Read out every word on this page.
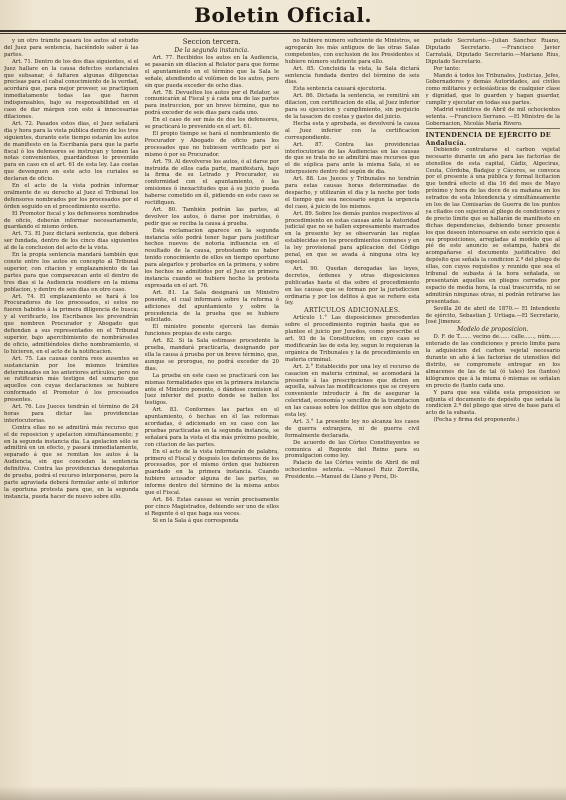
Boletin Oficial.

y un otro trámite pasará los autos al estudio del Juez para sentencia, haciéndolo saber á las partes.

Art. 71. Dentro de los dos dias siguientes, si el Juez hallare en la causa defectos sustanciales que subsanar, ó faltaren algunas diligencias precisas para el cabal conocimiento de la verdad, acordará que, para mejor proveer, se practiquen inmediatamente todas las que fueren indispensables, bajo su responsabilidad en el caso de dar márgen con esto á innecesarias dilaciones.

Art. 72. Pasados estos dias, el Juez señalará dia y hora para la vista pública dentro de los tres siguientes, durante este tiempo estarán los autos de manifiesto en la Escribanía para que la parte fiscal ó los defensores se instruyan y tomen las notas convenientes, guardándose lo prevenido para en caso en el art. 61 de esta ley. Las costas que devenguen en este acto los curiales se declaran de oficio.

En el acto de la vista podrán informar oralmente de su derecho al Juez el Tribunal los defensores nombrados por los procesados por el órden seguido en el procedimiento escrito.

El Promotor fiscal y los defensores nombrados de oficio, deberán informar necesariamente, guardando el mismo órden.

Art. 73. El Juez dictará sentencia, que deberá ser fundada, dentro de los cinco dias siguientes al de la conclusion del acto de la vista.

En la propia sentencia mandará también que conste entre los autos en concepto al Tribunal superior, con citacion y emplazamiento de las partes para que comparezcan ante el dentro de tres dias si la Audiencia residiere en la misma poblacion, y dentro de seis dias en otro caso.

Art. 74. El emplazamiento se hará á los Procuradores de los procesados, si estos no fueren habidos á la primera diligencia de busca; y al verificarlo, los Escribanos les prevendrán que nombren Procurador y Abogado que defiendan a sus representados en el Tribunal superior, bajo apercibimiento de nombrárseles de oficio, admitiéndoles dicho nombramiento, si lo hicieren, en el acto de la notificacion.

Art. 75. Las causas contra reos ausentes se sustanciarán por los mismos trámites determinados en los anteriores artículos; pero no se ratificarán más testigos del sumario que aquellos con cuyas declaraciones se hubiere conformado el Promotor ó los procesados presentes.

Art. 76. Los Jueces tendrán el término de 24 horas para dictar las providencias interlocutorias.

Contra ellas no se admitirá más recurso que el de reposicion y apelacion simultáneamente; y en la segunda instancia dia. La apelacion sólo se admitirá en un efecto, y pasará inmediatamente, separado á que se remitan los autos á la Audiencia, sin que concedan la sentencia definitiva. Contra las providencias denegatorias de prueba, podrá el recurso interponerse, pero la parte agraviada deberá formular ante el inferior la oportuna protesta para que, en la segunda instancia, pueda hacer de nuevo sobre ello.

Seccion tercera.

De la segunda instancia.

Art. 77. Recibidos los autos en la Audiencia, se pasarán sin dilacion al Relator para que forme el apuntamiento en el término que la Sala le señale, atendiendo al volúmen de los autos, pero sin que pueda exceder de ocho dias.

Art. 78. Devueltos los autos por el Relator, se comunicarán al Fiscal y á cada una de las partes para instruccion, por un breve término, que no podrá exceder de seis dias para cada uno.

En el caso de ser más de dos los defensores, se practicará lo prevenido en el art. 61.

El propio tiempo se hará el nombramiento de Procurador y Abogado de oficio para los procesados que no hubiesen verificado por sí mismo ó por su Procurador.

Art. 79. Al devolverse los autos, ó al darse por instruida de ellos cada parte, manifestará, bajo la firma de su Letrado y Procurador, su conformidad con el apuntamiento, ó las omisiones ó inexactitudes que á su juicio pueda haberse cometido en él, pidiendo en este caso se rectifiquen.

Art. 80. También podrán las partes, al devolver los autos, ó darse por instruidas, ó pedir que se reciba la causa á prueba.

Esta reclamacion aparece en la segunda instancia sólo podrá tener lugar para justificar hechos nuevos de notoria influencia en el resultado de la causa, protestando no haber tenido conocimiento de ellos en tiempo oportuno para alegarlos y probarlos en la primera, y sobre los hechos no admitidos por el Juez en primera instancia cuando se hubiere hecho la protesta expresada en el art. 76.

Art. 81. La Sala designará un Ministro ponente, el cual informará sobre la reforma ó adiciones del apuntamiento y sobre la procedencia de la prueba que se hubiere solicitado.

El ministro ponente ejercerá las demás funciones propias de este cargo.

Art. 82. Si la Sala estimase procedente la prueba, mandará practicarla, designando por ella la causa á prueba por un breve término, que, aunque se prorogue, no podrá exceder de 20 dias.

La prueba en este caso se practicará con las mismas formalidades que en la primera instancia ante el Ministro ponente, ó dándose comision al Juez inferior del punto donde se hallen los testigos.

Art. 83. Conformes las partes en el apuntamiento, ó hechas en él las reformas acordadas, ó adicionado en su caso con las pruebas practicadas en la segunda instancia, se señalará para la vista el dia más próximo posible, con citacion de las partes.

En el acto de la vista informarán de palabra, primero el Fiscal y después los defensores de los procesados, por el mismo órden que hubieren guardado en la primera instancia. Cuando hubiere acusador alguna de las partes, se informe dentro del término de la misma antes que el Fiscal.

Art. 84. Estas causas se verán precisamente por cinco Magistrados, debiendo ser uno de ellos el Regente ó el que haga sus veces.

Si en la Sala á que corresponda

no hubiere número suficiente de Ministros, se agregarán los más antiguos de las otras Salas competentes, con exclusion de los Presidentes si hubiere número suficiente para ello.

Art. 85. Concluida la vista, la Sala dictará sentencia fundada dentro del término de seis dias.

Esta sentencia causará ejecutoria.

Art. 86. Dictada la sentencia, se remitirá sin dilacion, con certificacion de ella, al Juez inferior para su ejecucion y cumplimiento, sin perjuicio de la tasacion de costas y gastos del juicio.

Hecha esta y aprobada, se devolverá la causa al Juez inferior con la certificacion correspondiente.

Art. 87. Contra las providencias interlocutorias de las Audiencias en las causas de que se trata no se admitirá mas recursos que el de súplica para ante la misma Sala, si se interpusiere dentro del según de dia.

Art. 88. Los Jueces y Tribunales no tendrán para estas causas horas determinadas de despacho, y utilizarán el dia y la noche por todo el tiempo que sea necesario segun la urgencia del caso, á juicio de los mismos.

Art. 89. Sobre los demás puntos respectivos al procedimiento en estas causas ante la Autoridad judicial que no se hallen expresamente marcados en la presente ley se observarán las reglas establecidas en los procedimientos comunes y en la ley provisional para aplicacion del Código penal, en que se avada á ninguna otra ley especial.

Art. 90. Quedan derogadas las leyes, decretos, órdenes y otras disposiciones publicadas hasta el dia sobre el procedimiento en las causas que se forman por la jurisdiccion ordinaria y por los delitos á que se refiere esta ley.

ARTÍCULOS ADICIONALES.

Artículo 1.° Las disposiciones precedentes sobre el procedimiento regirán hasta que se plantee el juicio por Jurados, como prescribe el art. 93 de la Constitucion; en cuyo caso se modificarán las de esta ley, segun lo requieran la orgánica de Tribunales y la de procedimiento en materia criminal.

Art. 2.° Establecido por una ley el recurso de casacion en materia criminal, se acomodará la presente á las prescripciones que dicten en aquella, salvas las modificaciones que se creyere conveniente introducir á fin de asegurar la celeridad, economía y sencillez de la tramitacion en las causas sobre los delitos que son objeto de esta ley.

Art. 3.° La presente ley no alcanza los casos de guerra extranjera, ni de guerra civil formalmente declarada.

De acuerdo de las Córtes Constituyentes se comunica al Regente del Reino para su promulgacion como ley.

Palacio de las Córtes veinte de Abril de mil ochocientos setenta. —Manuel Ruiz Zorrilla, Presidente.—Manuel de Llano y Persi, Di-

putado Secretario.—Julian Sánchez Ruano, Diputado Secretario. —Francisco Javier Carratalá, Diputado Secretario.—Mariano Rius, Diputado Secretario.

Por tanto:

Mando á todos los Tribunales, Justicias, Jefes, Gobernadores y demás Autoridades, así civiles como militares y eclesiásticas de cualquier clase y dignidad, que lo guarden y hagan guardar, cumplir y ejecutar en todas sus partes.

Madrid veintitres de Abril de mil ochocientos setenta. —Francisco Serrano. —El Ministro de la Gobernacion, Nicolás María Rivero.

INTENDENCIA DE EJÉRCITO DE Andalucía.

Debiendo contratarse el carbon vejetal necesario durante un año para las factorías de utensilios de esta capital, Cádiz, Algeciras, Ceuta, Córdoba, Badajoz y Cáceres, se convoca por el presente á una pública y formal licitacion que tendrá efecto el dia 16 del mes de Mayo próximo y hora de las doce de su mañana en los estrados de esta Intendencia y simultáneamente en los de las Comisarías de Guerra de los puntos ya citados con sujecion al pliego de condiciones y de precio límite que se hallarán de manifiesto en dichas dependencias, debiendo tener presente los que deseen interesarse en este servicio que á sus proposiciones, arregladas al modelo que al pié de este anuncio se estampa, habrá de acompañarse el documento justificativo del depósito que señala la condicion 2.ª del pliego de ellas, con cuyos requisitos y reunido que sea el tribunal de subasta á la hora señalada, se presentarán aquellas en pliegos cerrados por espacio de media hora, la cual trascurrida, ni se admitirán ningunas otras, ni podrán retirarse las presentadas.

Sevilla 26 de abril de 1870.— El Intendente de ejército, Sebastian J. Urtiaga.—El Secretario, José Jimenez.

Modelo de proposicion.

D. F. de T....... vecino de...... calle......, núm...... enterado de las condiciones y precio limite para la adquisicion del carbon vejetal necesario durante un año á las factorías de utensilios del distrito, se compromete entregar en los almacenes de las de tal (ó tales) los (tantos) kilógramos que á la misma ó mismas se señalan en precio de (tanto cada uno.

Y para que sea válida esta proposicion se adjunta el documento de depósito que señala la condicion 2.ª del pliego que sirve de base para el acto de la subasta.

(Fecha y firma del proponente.)
